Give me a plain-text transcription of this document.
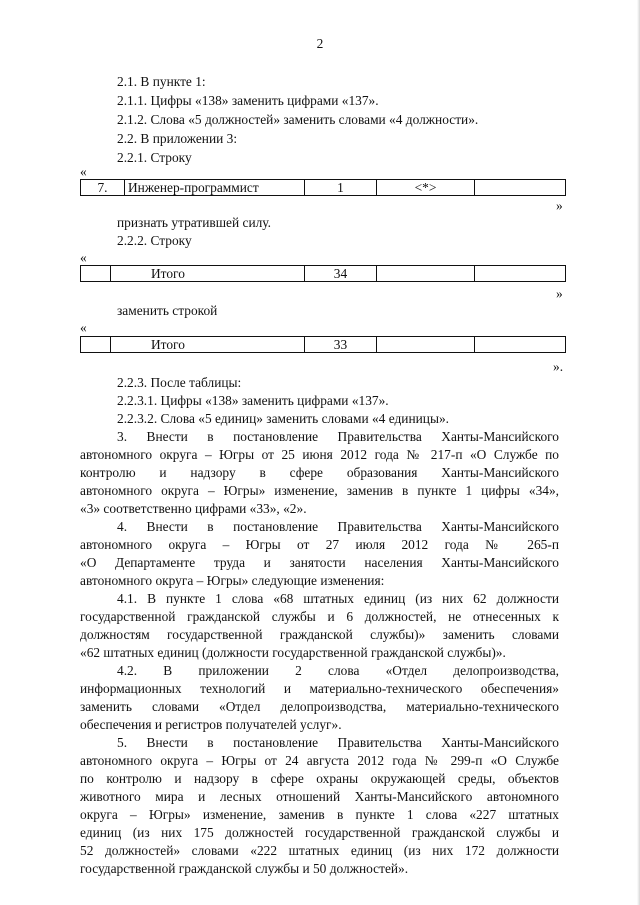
2
2.1. В пункте 1:
2.1.1. Цифры «138» заменить цифрами «137».
2.1.2. Слова «5 должностей» заменить словами «4 должности».
2.2. В приложении 3:
2.2.1. Строку
«
7.	Инженер-программист	1	<*>
»
признать утратившей силу.
2.2.2. Строку
«
Итого	34
»
заменить строкой
«
Итого	33
».
2.2.3. После таблицы:
2.2.3.1. Цифры «138» заменить цифрами «137».
2.2.3.2. Слова «5 единиц» заменить словами «4 единицы».
3. Внести в постановление Правительства Ханты-Мансийского
автономного округа – Югры от 25 июня 2012 года № 217-п «О Службе по
контролю и надзору в сфере образования Ханты-Мансийского
автономного округа – Югры» изменение, заменив в пункте 1 цифры «34»,
«3» соответственно цифрами «33», «2».
4. Внести в постановление Правительства Ханты-Мансийского
автономного округа – Югры от 27 июля 2012 года № 265-п
«О Департаменте труда и занятости населения Ханты-Мансийского
автономного округа – Югры» следующие изменения:
4.1. В пункте 1 слова «68 штатных единиц (из них 62 должности
государственной гражданской службы и 6 должностей, не отнесенных к
должностям государственной гражданской службы)» заменить словами
«62 штатных единиц (должности государственной гражданской службы)».
4.2. В приложении 2 слова «Отдел делопроизводства,
информационных технологий и материально-технического обеспечения»
заменить словами «Отдел делопроизводства, материально-технического
обеспечения и регистров получателей услуг».
5. Внести в постановление Правительства Ханты-Мансийского
автономного округа – Югры от 24 августа 2012 года № 299-п «О Службе
по контролю и надзору в сфере охраны окружающей среды, объектов
животного мира и лесных отношений Ханты-Мансийского автономного
округа – Югры» изменение, заменив в пункте 1 слова «227 штатных
единиц (из них 175 должностей государственной гражданской службы и
52 должностей» словами «222 штатных единиц (из них 172 должности
государственной гражданской службы и 50 должностей».
